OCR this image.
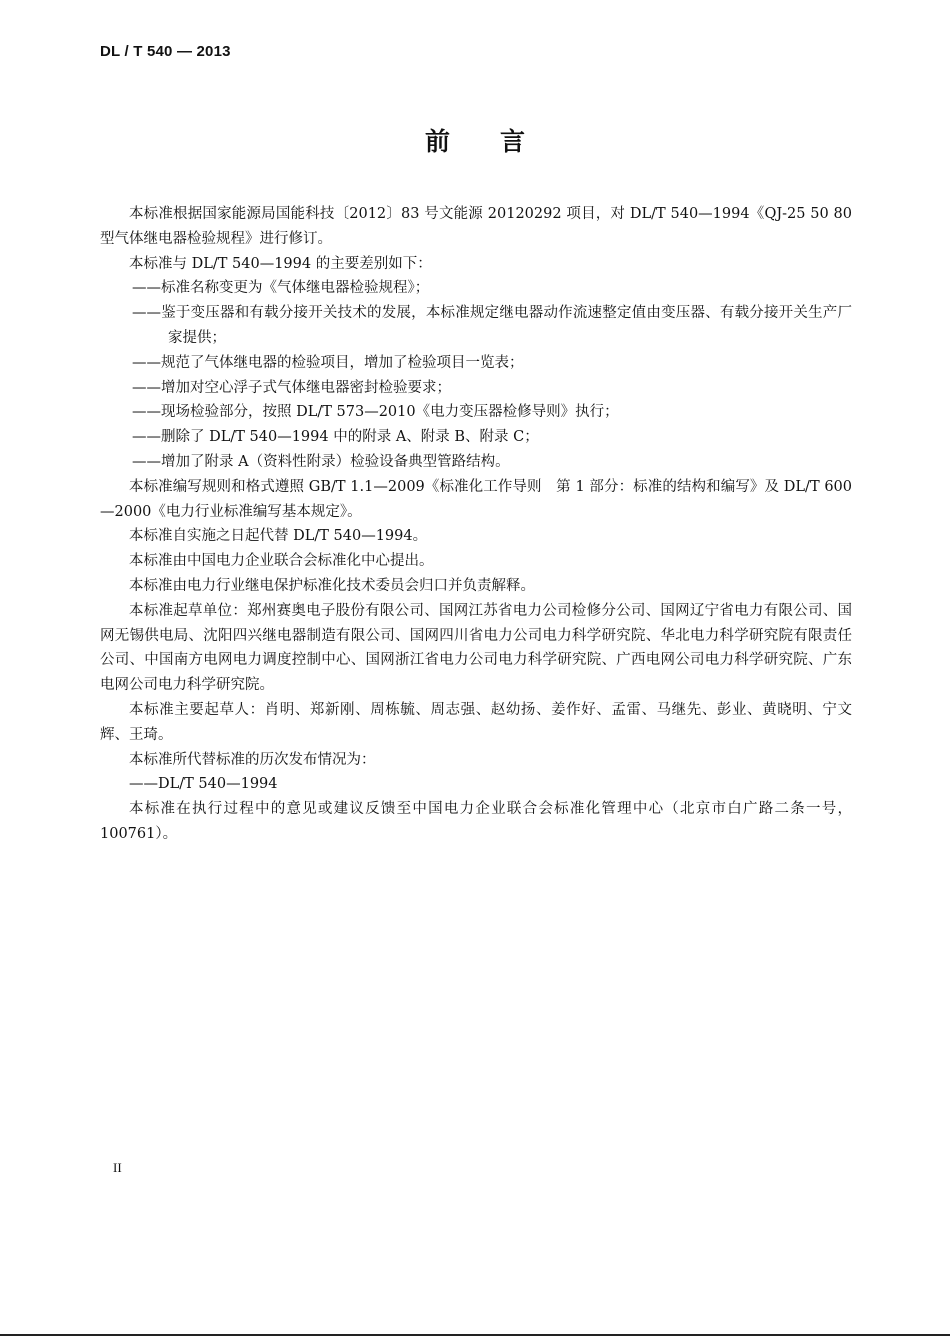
DL / T 540 — 2013
前言

本标准根据国家能源局国能科技〔2012〕83 号文能源 20120292 项目，对 DL/T 540—1994《QJ-25 50 80 型气体继电器检验规程》进行修订。

本标准与 DL/T 540—1994 的主要差别如下：

——标准名称变更为《气体继电器检验规程》；

——鉴于变压器和有载分接开关技术的发展，本标准规定继电器动作流速整定值由变压器、有载分接开关生产厂家提供；

——规范了气体继电器的检验项目，增加了检验项目一览表；

——增加对空心浮子式气体继电器密封检验要求；

——现场检验部分，按照 DL/T 573—2010《电力变压器检修导则》执行；

——删除了 DL/T 540—1994 中的附录 A、附录 B、附录 C；

——增加了附录 A（资料性附录）检验设备典型管路结构。

本标准编写规则和格式遵照 GB/T 1.1—2009《标准化工作导则　第 1 部分：标准的结构和编写》及 DL/T 600—2000《电力行业标准编写基本规定》。

本标准自实施之日起代替 DL/T 540—1994。

本标准由中国电力企业联合会标准化中心提出。

本标准由电力行业继电保护标准化技术委员会归口并负责解释。

本标准起草单位：郑州赛奥电子股份有限公司、国网江苏省电力公司检修分公司、国网辽宁省电力有限公司、国网无锡供电局、沈阳四兴继电器制造有限公司、国网四川省电力公司电力科学研究院、华北电力科学研究院有限责任公司、中国南方电网电力调度控制中心、国网浙江省电力公司电力科学研究院、广西电网公司电力科学研究院、广东电网公司电力科学研究院。

本标准主要起草人：肖明、郑新刚、周栋毓、周志强、赵幼扬、姜作好、孟雷、马继先、彭业、黄晓明、宁文辉、王琦。

本标准所代替标准的历次发布情况为：

——DL/T 540—1994

本标准在执行过程中的意见或建议反馈至中国电力企业联合会标准化管理中心（北京市白广路二条一号，100761）。

II
